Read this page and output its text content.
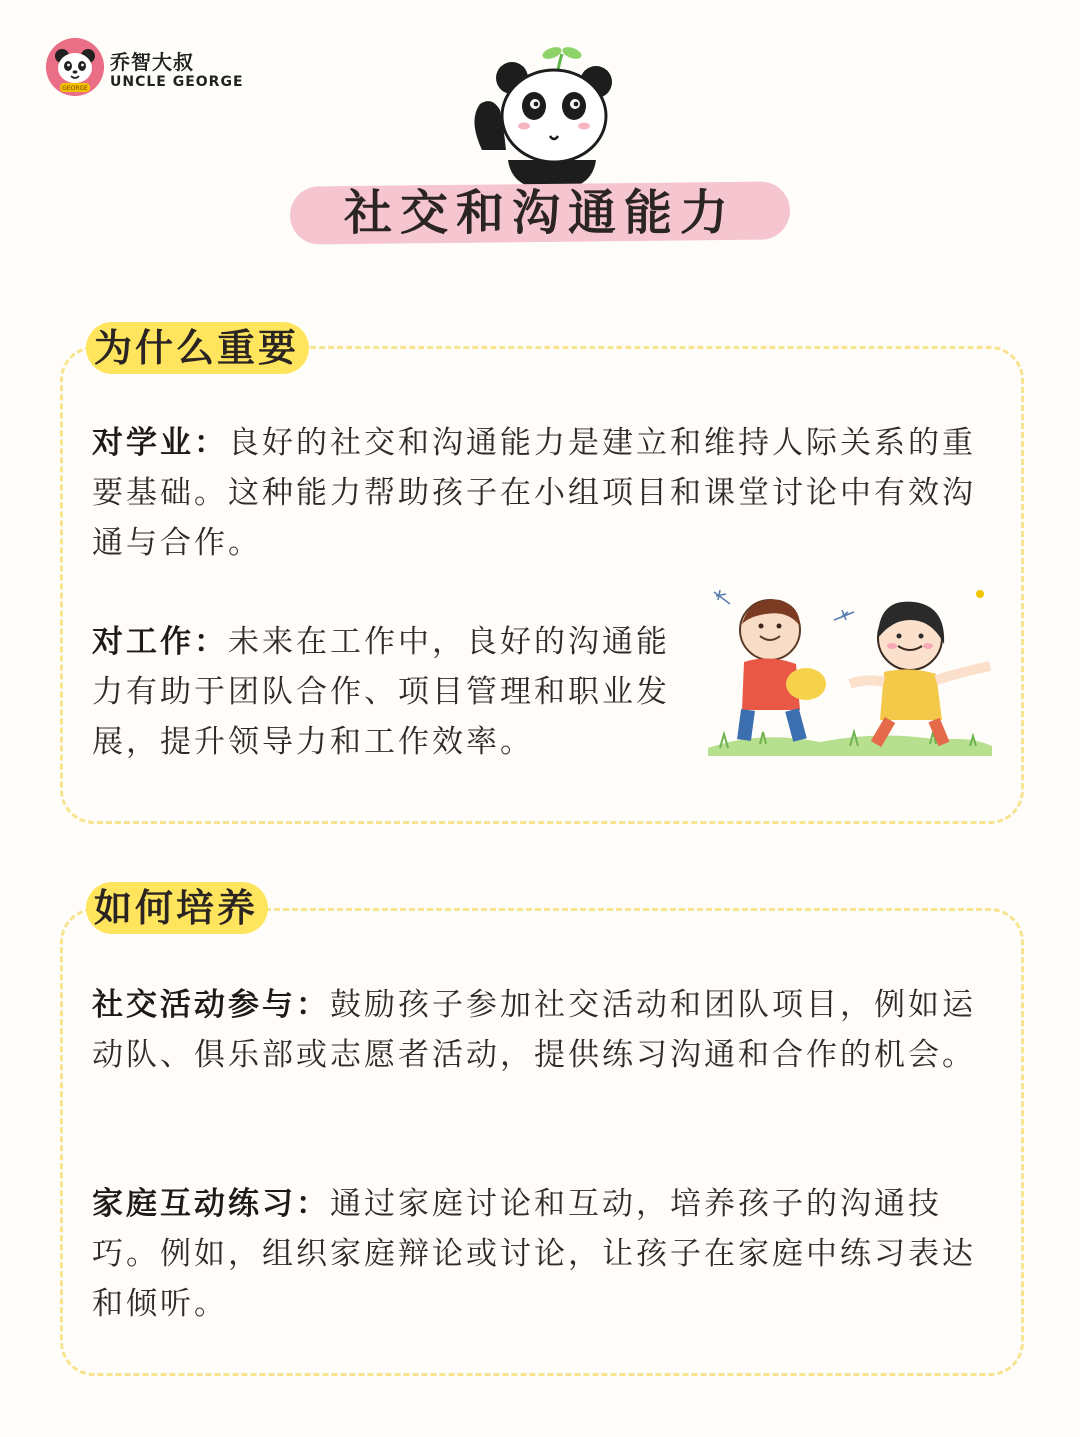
GEORGE
乔智大叔
UNCLE GEORGE
社交和沟通能力
为什么重要
对学业：良好的社交和沟通能力是建立和维持人际关系的重要基础。这种能力帮助孩子在小组项目和课堂讨论中有效沟通与合作。
对工作：未来在工作中，良好的沟通能力有助于团队合作、项目管理和职业发展，提升领导力和工作效率。
如何培养
社交活动参与：鼓励孩子参加社交活动和团队项目，例如运动队、俱乐部或志愿者活动，提供练习沟通和合作的机会。
家庭互动练习：通过家庭讨论和互动，培养孩子的沟通技巧。例如，组织家庭辩论或讨论，让孩子在家庭中练习表达和倾听。
